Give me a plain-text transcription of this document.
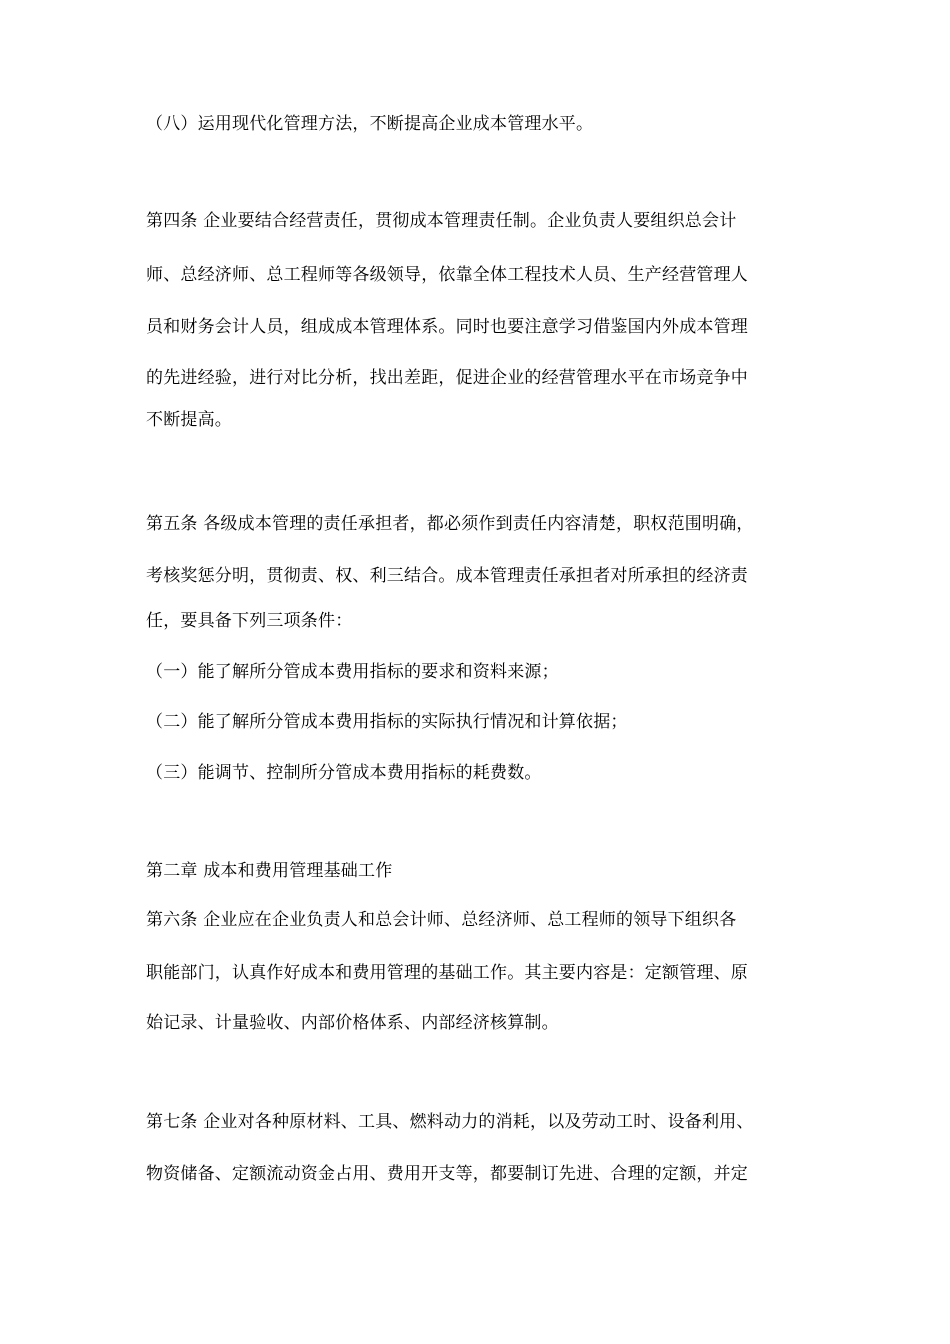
（八）运用现代化管理方法，不断提高企业成本管理水平。
第四条 企业要结合经营责任，贯彻成本管理责任制。企业负责人要组织总会计
师、总经济师、总工程师等各级领导，依靠全体工程技术人员、生产经营管理人
员和财务会计人员，组成成本管理体系。同时也要注意学习借鉴国内外成本管理
的先进经验，进行对比分析，找出差距，促进企业的经营管理水平在市场竞争中
不断提高。
第五条 各级成本管理的责任承担者，都必须作到责任内容清楚，职权范围明确，
考核奖惩分明，贯彻责、权、利三结合。成本管理责任承担者对所承担的经济责
任，要具备下列三项条件：
（一）能了解所分管成本费用指标的要求和资料来源；
（二）能了解所分管成本费用指标的实际执行情况和计算依据；
（三）能调节、控制所分管成本费用指标的耗费数。
第二章 成本和费用管理基础工作
第六条 企业应在企业负责人和总会计师、总经济师、总工程师的领导下组织各
职能部门，认真作好成本和费用管理的基础工作。其主要内容是：定额管理、原
始记录、计量验收、内部价格体系、内部经济核算制。
第七条 企业对各种原材料、工具、燃料动力的消耗，以及劳动工时、设备利用、
物资储备、定额流动资金占用、费用开支等，都要制订先进、合理的定额，并定
